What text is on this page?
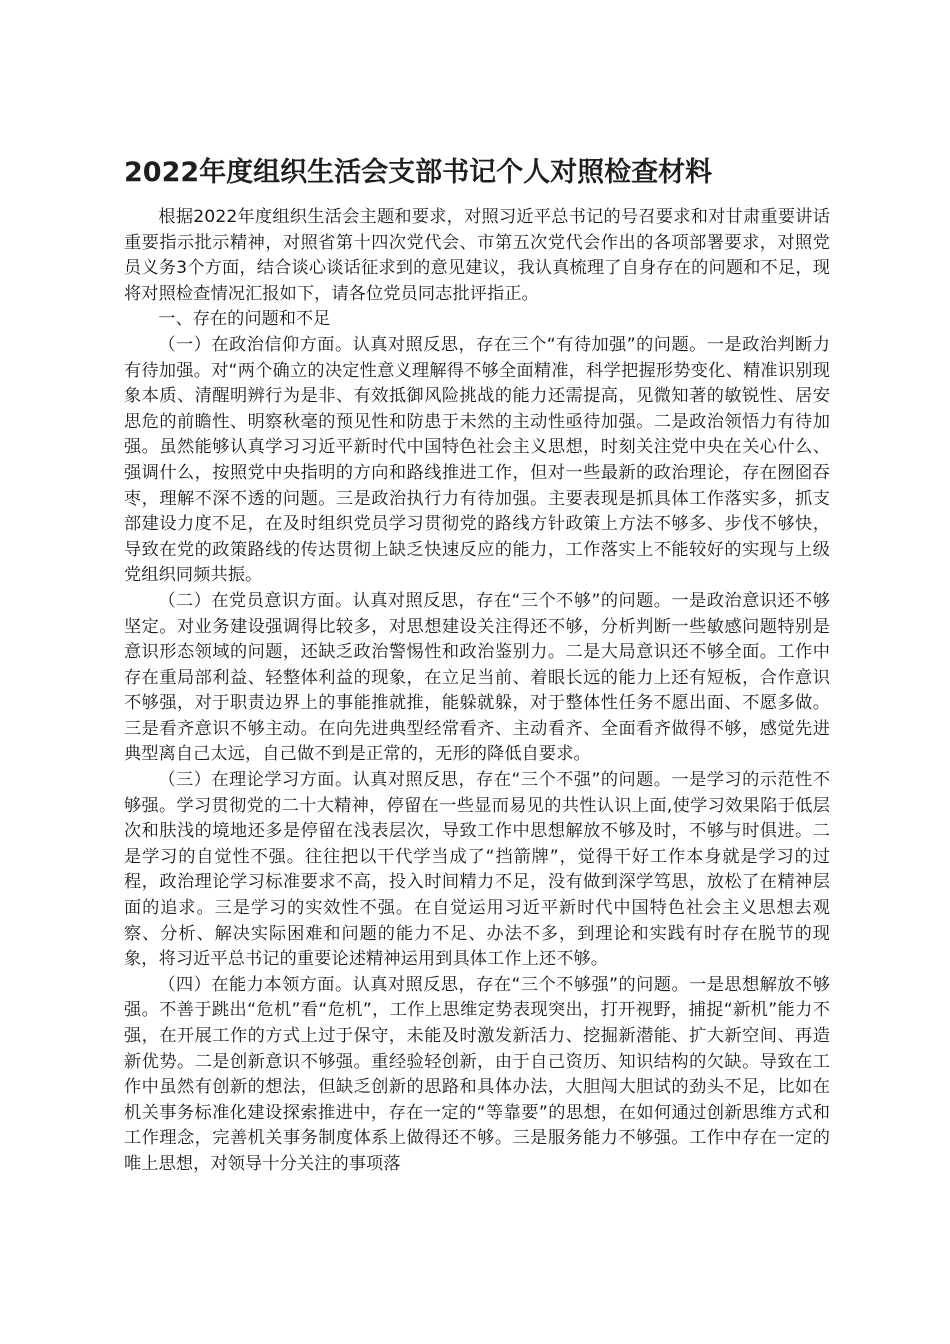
2022年度组织生活会支部书记个人对照检查材料

根据2022年度组织生活会主题和要求，对照习近平总书记的号召要求和对甘肃重要讲话重要指示批示精神，对照省第十四次党代会、市第五次党代会作出的各项部署要求，对照党员义务3个方面，结合谈心谈话征求到的意见建议，我认真梳理了自身存在的问题和不足，现将对照检查情况汇报如下，请各位党员同志批评指正。

一、存在的问题和不足

（一）在政治信仰方面。认真对照反思，存在三个“有待加强”的问题。一是政治判断力有待加强。对“两个确立的决定性意义理解得不够全面精准，科学把握形势变化、精准识别现象本质、清醒明辨行为是非、有效抵御风险挑战的能力还需提高，见微知著的敏锐性、居安思危的前瞻性、明察秋毫的预见性和防患于未然的主动性亟待加强。二是政治领悟力有待加强。虽然能够认真学习习近平新时代中国特色社会主义思想，时刻关注党中央在关心什么、强调什么，按照党中央指明的方向和路线推进工作，但对一些最新的政治理论，存在囫囵吞枣，理解不深不透的问题。三是政治执行力有待加强。主要表现是抓具体工作落实多，抓支部建设力度不足，在及时组织党员学习贯彻党的路线方针政策上方法不够多、步伐不够快，导致在党的政策路线的传达贯彻上缺乏快速反应的能力，工作落实上不能较好的实现与上级党组织同频共振。

（二）在党员意识方面。认真对照反思，存在“三个不够”的问题。一是政治意识还不够坚定。对业务建设强调得比较多，对思想建设关注得还不够，分析判断一些敏感问题特别是意识形态领域的问题，还缺乏政治警惕性和政治鉴别力。二是大局意识还不够全面。工作中存在重局部利益、轻整体利益的现象，在立足当前、着眼长远的能力上还有短板，合作意识不够强，对于职责边界上的事能推就推，能躲就躲，对于整体性任务不愿出面、不愿多做。三是看齐意识不够主动。在向先进典型经常看齐、主动看齐、全面看齐做得不够，感觉先进典型离自己太远，自己做不到是正常的，无形的降低自要求。

（三）在理论学习方面。认真对照反思，存在“三个不强”的问题。一是学习的示范性不够强。学习贯彻党的二十大精神，停留在一些显而易见的共性认识上面,使学习效果陷于低层次和肤浅的境地还多是停留在浅表层次，导致工作中思想解放不够及时，不够与时俱进。二是学习的自觉性不强。往往把以干代学当成了“挡箭牌”，觉得干好工作本身就是学习的过程，政治理论学习标准要求不高，投入时间精力不足，没有做到深学笃思，放松了在精神层面的追求。三是学习的实效性不强。在自觉运用习近平新时代中国特色社会主义思想去观察、分析、解决实际困难和问题的能力不足、办法不多，到理论和实践有时存在脱节的现象，将习近平总书记的重要论述精神运用到具体工作上还不够。

（四）在能力本领方面。认真对照反思，存在“三个不够强”的问题。一是思想解放不够强。不善于跳出“危机”看“危机”，工作上思维定势表现突出，打开视野，捕捉“新机”能力不强，在开展工作的方式上过于保守，未能及时激发新活力、挖掘新潜能、扩大新空间、再造新优势。二是创新意识不够强。重经验轻创新，由于自己资历、知识结构的欠缺。导致在工作中虽然有创新的想法，但缺乏创新的思路和具体办法，大胆闯大胆试的劲头不足，比如在机关事务标准化建设探索推进中，存在一定的“等靠要”的思想，在如何通过创新思维方式和工作理念，完善机关事务制度体系上做得还不够。三是服务能力不够强。工作中存在一定的唯上思想，对领导十分关注的事项落
